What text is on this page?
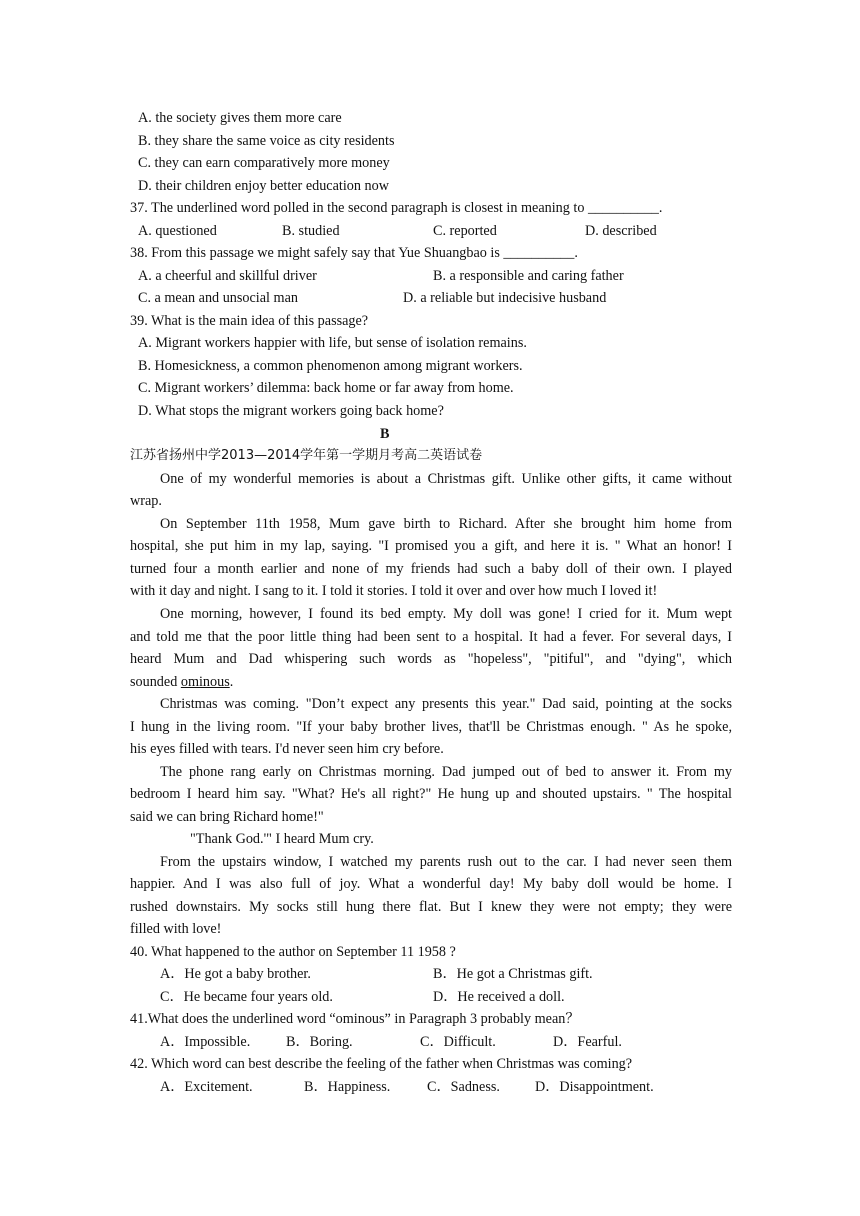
A. the society gives them more care
B. they share the same voice as city residents
C. they can earn comparatively more money
D. their children enjoy better education now
37. The underlined word polled in the second paragraph is closest in meaning to __________.
A. questioned	B. studied	C. reported	D. described
38. From this passage we might safely say that Yue Shuangbao is __________.
A. a cheerful and skillful driver	B. a responsible and caring father
C. a mean and unsocial man	D. a reliable but indecisive husband
39. What is the main idea of this passage?
A. Migrant workers happier with life, but sense of isolation remains.
B. Homesickness, a common phenomenon among migrant workers.
C. Migrant workers’ dilemma: back home or far away from home.
D. What stops the migrant workers going back home?
B
江苏省扬州中学2013—2014学年第一学期月考高二英语试卷
One of my wonderful memories is about a Christmas gift. Unlike other gifts, it came without
wrap.
On September 11th 1958, Mum gave birth to Richard. After she brought him home from
hospital, she put him in my lap, saying. "I promised you a gift, and here it is. " What an honor! I
turned four a month earlier and none of my friends had such a baby doll of their own. I played
with it day and night. I sang to it. I told it stories. I told it over and over how much I loved it!
One morning, however, I found its bed empty. My doll was gone! I cried for it. Mum wept
and told me that the poor little thing had been sent to a hospital. It had a fever. For several days, I
heard Mum and Dad whispering such words as "hopeless", "pitiful", and "dying", which
sounded ominous.
Christmas was coming. "Don’t expect any presents this year." Dad said, pointing at the socks
I hung in the living room. "If your baby brother lives, that'll be Christmas enough. " As he spoke,
his eyes filled with tears. I'd never seen him cry before.
The phone rang early on Christmas morning. Dad jumped out of bed to answer it. From my
bedroom I heard him say. "What? He's all right?" He hung up and shouted upstairs. " The hospital
said we can bring Richard home!"
"Thank God.'" I heard Mum cry.
From the upstairs window, I watched my parents rush out to the car. I had never seen them
happier. And I was also full of joy. What a wonderful day! My baby doll would be home. I
rushed downstairs. My socks still hung there flat. But I knew they were not empty; they were
filled with love!
40. What happened to the author on September 11 1958 ?
A．He got a baby brother.	B．He got a Christmas gift.
C．He became four years old.	D．He received a doll.
41.What does the underlined word “ominous” in Paragraph 3 probably mean？
A．Impossible.	B．Boring.	C．Difficult.	D．Fearful.
42. Which word can best describe the feeling of the father when Christmas was coming?
A．Excitement.	B．Happiness.	C．Sadness. D．Disappointment.
